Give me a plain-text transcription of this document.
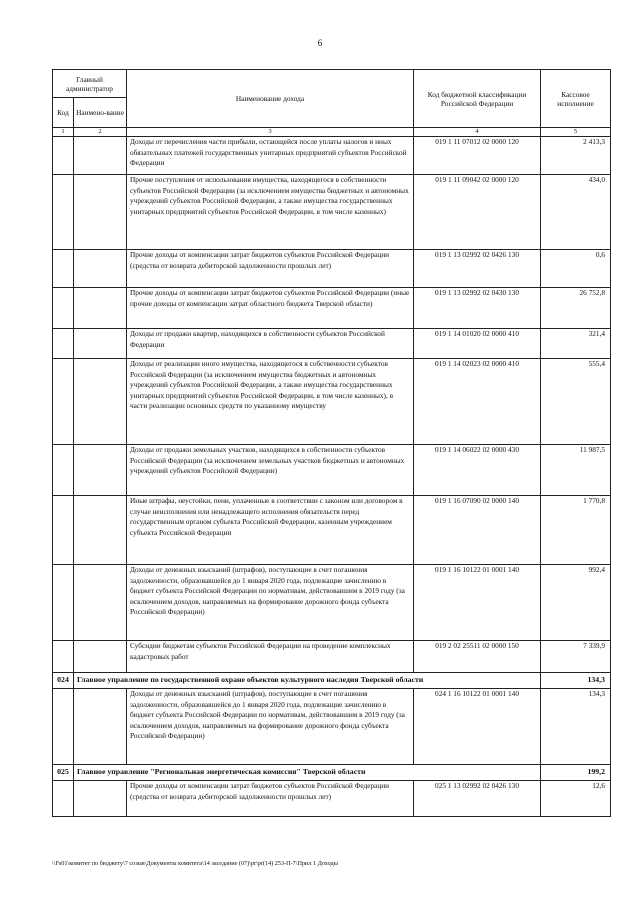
6
Главный администратор		Наименование дохода	Код бюджетной классификации Российской Федерации	Кассовое исполнение
Код	Наимено-вание			
1	2	3	4	5
		Доходы от перечисления части прибыли, остающейся после уплаты налогов и иных обязательных платежей государственных унитарных предприятий субъектов Российской Федерации	019 1 11 07012 02 0000 120	2 413,3
		Прочие поступления от использования имущества, находящегося в собственности субъектов Российской Федерации (за исключением имущества бюджетных и автономных учреждений субъектов Российской Федерации, а также имущества государственных унитарных предприятий субъектов Российской Федерации, в том числе казенных)	019 1 11 09042 02 0000 120	434,0
		Прочие доходы от компенсации затрат бюджетов субъектов Российской Федерации (средства от возврата дебиторской задолженности прошлых лет)	019 1 13 02992 02 0426 130	0,6
		Прочие доходы от компенсации затрат бюджетов субъектов Российской Федерации (иные прочие доходы от компенсации затрат областного бюджета Тверской области)	019 1 13 02992 02 0430 130	26 752,8
		Доходы от продажи квартир, находящихся в собственности субъектов Российской Федерации	019 1 14 01020 02 0000 410	321,4
		Доходы от реализации иного имущества, находящегося в собственности субъектов Российской Федерации (за исключением имущества бюджетных и автономных учреждений субъектов Российской Федерации, а также имущества государственных унитарных предприятий субъектов Российской Федерации, в том числе казенных), в части реализации основных средств по указанному имуществу	019 1 14 02023 02 0000 410	555,4
		Доходы от продажи земельных участков, находящихся в собственности субъектов Российской Федерации (за исключением земельных участков бюджетных и автономных учреждений субъектов Российской Федерации)	019 1 14 06022 02 0000 430	11 987,5
		Иные штрафы, неустойки, пени, уплаченные в соответствии с законом или договором в случае неисполнения или ненадлежащего исполнения обязательств перед государственным органом субъекта Российской Федерации, казенным учреждением субъекта Российской Федерации	019 1 16 07090 02 0000 140	1 770,8
		Доходы от денежных взысканий (штрафов), поступающие в счет погашения задолженности, образовавшейся до 1 января 2020 года, подлежащие зачислению в бюджет субъекта Российской Федерации по нормативам, действовавшим в 2019 году (за исключением доходов, направляемых на формирование дорожного фонда субъекта Российской Федерации)	019 1 16 10122 01 0001 140	992,4
		Субсидии бюджетам субъектов Российской Федерации на проведение комплексных кадастровых работ	019 2 02 25511 02 0000 150	7 339,9
024	Главное управление по государственной охране объектов культурного наследия Тверской области			134,3
		Доходы от денежных взысканий (штрафов), поступающие в счет погашения задолженности, образовавшейся до 1 января 2020 года, подлежащие зачислению в бюджет субъекта Российской Федерации по нормативам, действовавшим в 2019 году (за исключением доходов, направляемых на формирование дорожного фонда субъекта Российской Федерации)	024 1 16 10122 01 0001 140	134,3
025	Главное управление "Региональная энергетическая комиссия" Тверской области			199,2
		Прочие доходы от компенсации затрат бюджетов субъектов Российской Федерации (средства от возврата дебиторской задолженности прошлых лет)	025 1 13 02992 02 0426 130	12,6
\\Fs01\комитет по бюджету\7 созыв\Документы комитета\14 заседание (07)\pr\pr(14) 253-П-7\Прил 1 Доходы
